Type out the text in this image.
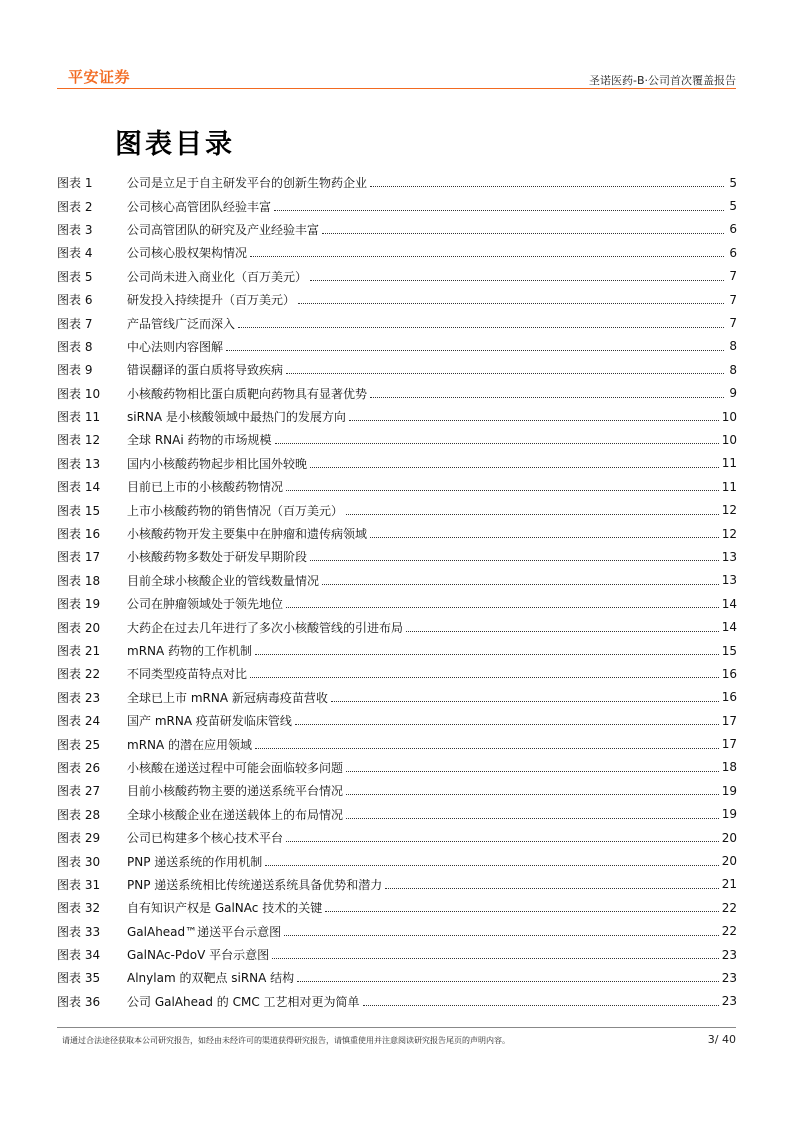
平安证券	圣诺医药-B·公司首次覆盖报告
图表目录
图表 1	公司是立足于自主研发平台的创新生物药企业	5
图表 2	公司核心高管团队经验丰富	5
图表 3	公司高管团队的研究及产业经验丰富	6
图表 4	公司核心股权架构情况	6
图表 5	公司尚未进入商业化（百万美元）	7
图表 6	研发投入持续提升（百万美元）	7
图表 7	产品管线广泛而深入	7
图表 8	中心法则内容图解	8
图表 9	错误翻译的蛋白质将导致疾病	8
图表 10	小核酸药物相比蛋白质靶向药物具有显著优势	9
图表 11	siRNA 是小核酸领域中最热门的发展方向	10
图表 12	全球 RNAi 药物的市场规模	10
图表 13	国内小核酸药物起步相比国外较晚	11
图表 14	目前已上市的小核酸药物情况	11
图表 15	上市小核酸药物的销售情况（百万美元）	12
图表 16	小核酸药物开发主要集中在肿瘤和遗传病领域	12
图表 17	小核酸药物多数处于研发早期阶段	13
图表 18	目前全球小核酸企业的管线数量情况	13
图表 19	公司在肿瘤领域处于领先地位	14
图表 20	大药企在过去几年进行了多次小核酸管线的引进布局	14
图表 21	mRNA 药物的工作机制	15
图表 22	不同类型疫苗特点对比	16
图表 23	全球已上市 mRNA 新冠病毒疫苗营收	16
图表 24	国产 mRNA 疫苗研发临床管线	17
图表 25	mRNA 的潜在应用领域	17
图表 26	小核酸在递送过程中可能会面临较多问题	18
图表 27	目前小核酸药物主要的递送系统平台情况	19
图表 28	全球小核酸企业在递送载体上的布局情况	19
图表 29	公司已构建多个核心技术平台	20
图表 30	PNP 递送系统的作用机制	20
图表 31	PNP 递送系统相比传统递送系统具备优势和潜力	21
图表 32	自有知识产权是 GalNAc 技术的关键	22
图表 33	GalAhead™递送平台示意图	22
图表 34	GalNAc-PdoV 平台示意图	23
图表 35	Alnylam 的双靶点 siRNA 结构	23
图表 36	公司 GalAhead 的 CMC 工艺相对更为简单	23
请通过合法途径获取本公司研究报告，如经由未经许可的渠道获得研究报告，请慎重使用并注意阅读研究报告尾页的声明内容。	3/ 40
